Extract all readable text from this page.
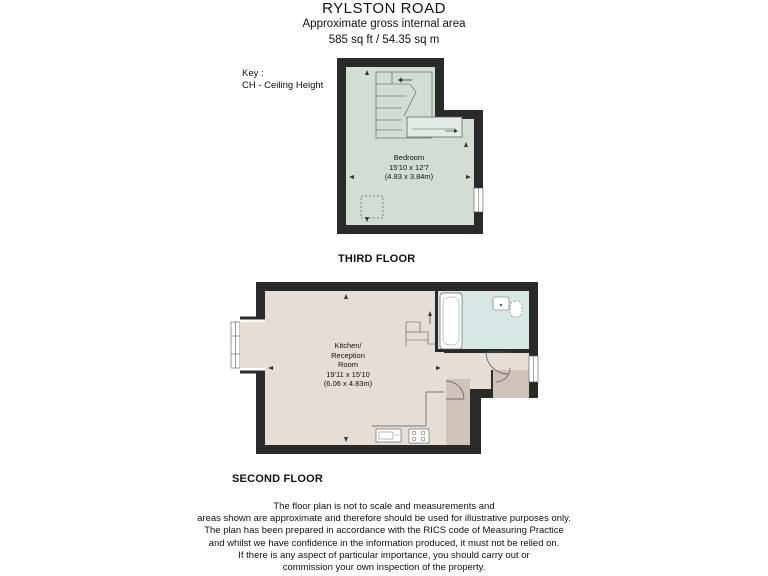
RYLSTON ROAD
Approximate gross internal area
585 sq ft / 54.35 sq m
Key :
CH - Ceiling Height
Bedroom
15'10 x 12'7
(4.83 x 3.84m)
Kitchen/
Reception
Room
19'11 x 15'10
(6.06 x 4.83m)
THIRD FLOOR
SECOND FLOOR
The floor plan is not to scale and measurements and
areas shown are approximate and therefore should be used for illustrative purposes only.
The plan has been prepared in accordance with the RICS code of Measuring Practice
and whilst we have confidence in the information produced, it must not be relied on.
If there is any aspect of particular importance, you should carry out or
commission your own inspection of the property.
